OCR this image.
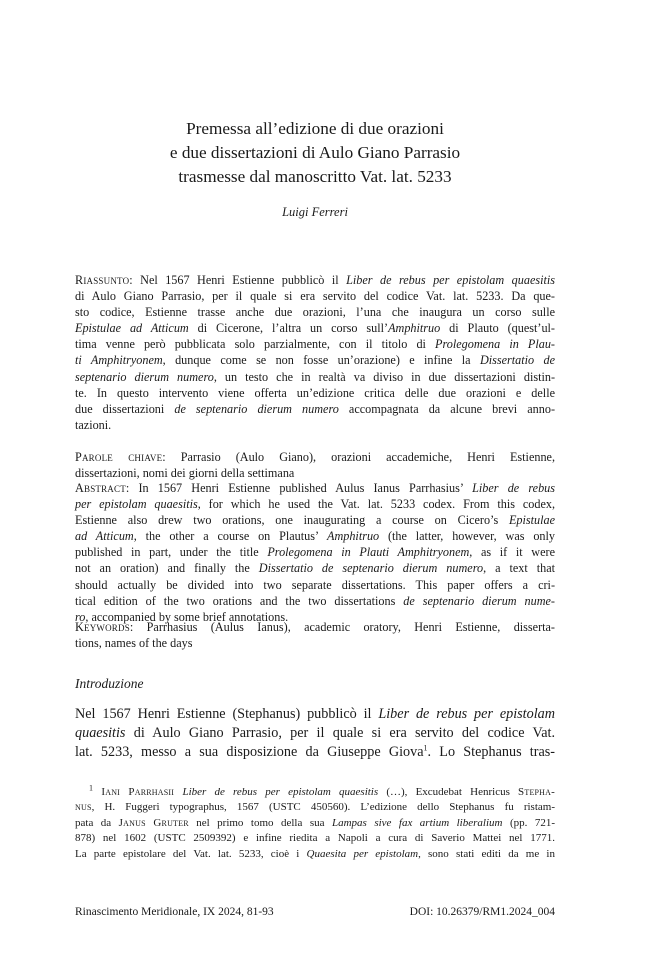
Premessa all’edizione di due orazioni
e due dissertazioni di Aulo Giano Parrasio
trasmesse dal manoscritto Vat. lat. 5233
Luigi Ferreri
Riassunto: Nel 1567 Henri Estienne pubblicò il Liber de rebus per epistolam quaesitis
di Aulo Giano Parrasio, per il quale si era servito del codice Vat. lat. 5233. Da que-
sto codice, Estienne trasse anche due orazioni, l’una che inaugura un corso sulle
Epistulae ad Atticum di Cicerone, l’altra un corso sull’Amphitruo di Plauto (quest’ul-
tima venne però pubblicata solo parzialmente, con il titolo di Prolegomena in Plau-
ti Amphitryonem, dunque come se non fosse un’orazione) e infine la Dissertatio de
septenario dierum numero, un testo che in realtà va diviso in due dissertazioni distin-
te. In questo intervento viene offerta un’edizione critica delle due orazioni e delle
due dissertazioni de septenario dierum numero accompagnata da alcune brevi anno-
tazioni.
Parole chiave: Parrasio (Aulo Giano), orazioni accademiche, Henri Estienne,
dissertazioni, nomi dei giorni della settimana
Abstract: In 1567 Henri Estienne published Aulus Ianus Parrhasius’ Liber de rebus
per epistolam quaesitis, for which he used the Vat. lat. 5233 codex. From this codex,
Estienne also drew two orations, one inaugurating a course on Cicero’s Epistulae
ad Atticum, the other a course on Plautus’ Amphitruo (the latter, however, was only
published in part, under the title Prolegomena in Plauti Amphitryonem, as if it were
not an oration) and finally the Dissertatio de septenario dierum numero, a text that
should actually be divided into two separate dissertations. This paper offers a cri-
tical edition of the two orations and the two dissertations de septenario dierum nume-
ro, accompanied by some brief annotations.
Keywords: Parrhasius (Aulus Ianus), academic oratory, Henri Estienne, disserta-
tions, names of the days
Introduzione
Nel 1567 Henri Estienne (Stephanus) pubblicò il Liber de rebus per epistolam
quaesitis di Aulo Giano Parrasio, per il quale si era servito del codice Vat.
lat. 5233, messo a sua disposizione da Giuseppe Giova$^1$. Lo Stephanus tras-
$^1$ Iani Parrhasii Liber de rebus per epistolam quaesitis (…), Excudebat Henricus Stepha-
nus, H. Fuggeri typographus, 1567 (USTC 450560). L’edizione dello Stephanus fu ristam-
pata da Janus Gruter nel primo tomo della sua Lampas sive fax artium liberalium (pp. 721-
878) nel 1602 (USTC 2509392) e infine riedita a Napoli a cura di Saverio Mattei nel 1771.
La parte epistolare del Vat. lat. 5233, cioè i Quaesita per epistolam, sono stati editi da me in
Rinascimento Meridionale, IX 2024, 81-93	DOI: 10.26379/RM1.2024_004
